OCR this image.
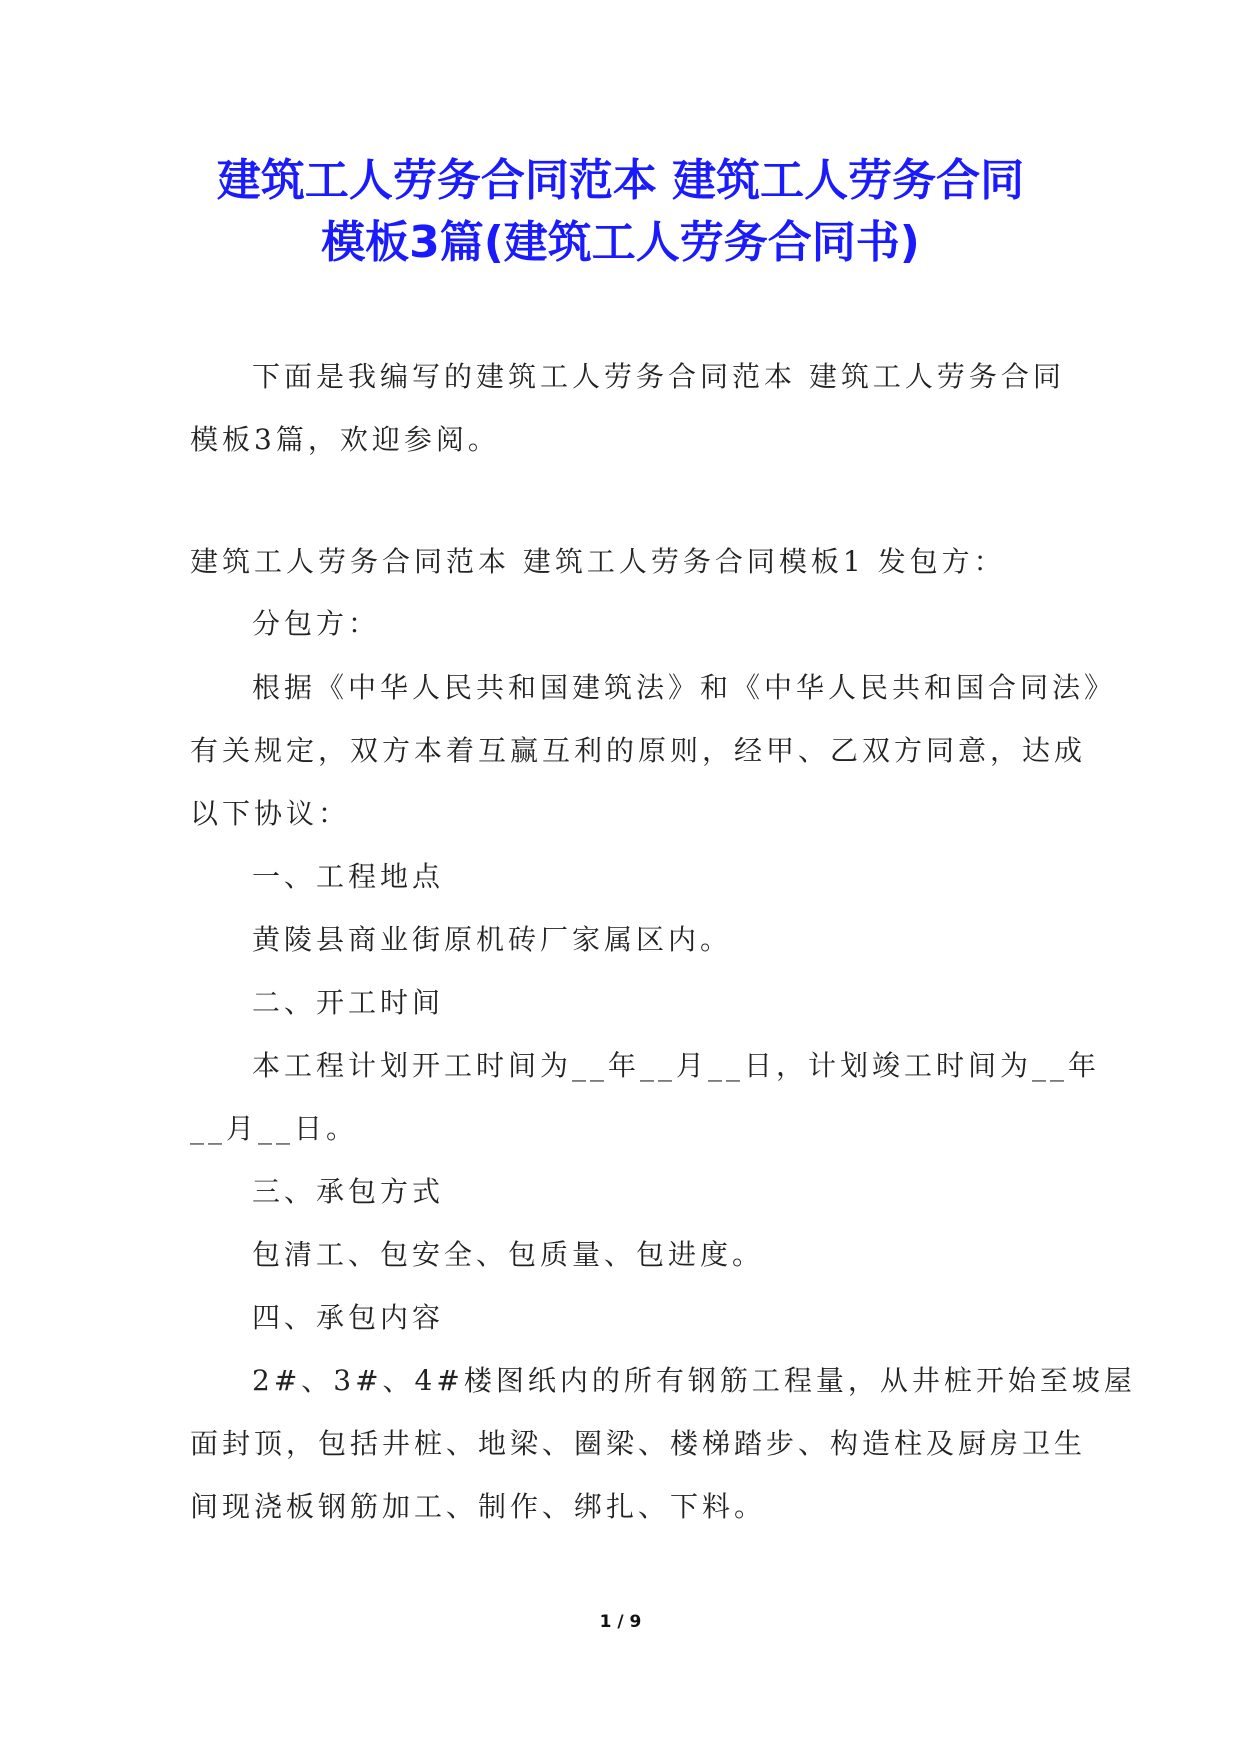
建筑工人劳务合同范本 建筑工人劳务合同
模板3篇(建筑工人劳务合同书)
下面是我编写的建筑工人劳务合同范本 建筑工人劳务合同
模板3篇，欢迎参阅。
建筑工人劳务合同范本 建筑工人劳务合同模板1 发包方：
分包方：
根据《中华人民共和国建筑法》和《中华人民共和国合同法》
有关规定，双方本着互赢互利的原则，经甲、乙双方同意，达成
以下协议：
一、工程地点
黄陵县商业街原机砖厂家属区内。
二、开工时间
本工程计划开工时间为__年__月__日，计划竣工时间为__年
__月__日。
三、承包方式
包清工、包安全、包质量、包进度。
四、承包内容
2#、3#、4#楼图纸内的所有钢筋工程量，从井桩开始至坡屋
面封顶，包括井桩、地梁、圈梁、楼梯踏步、构造柱及厨房卫生
间现浇板钢筋加工、制作、绑扎、下料。
1 / 9
